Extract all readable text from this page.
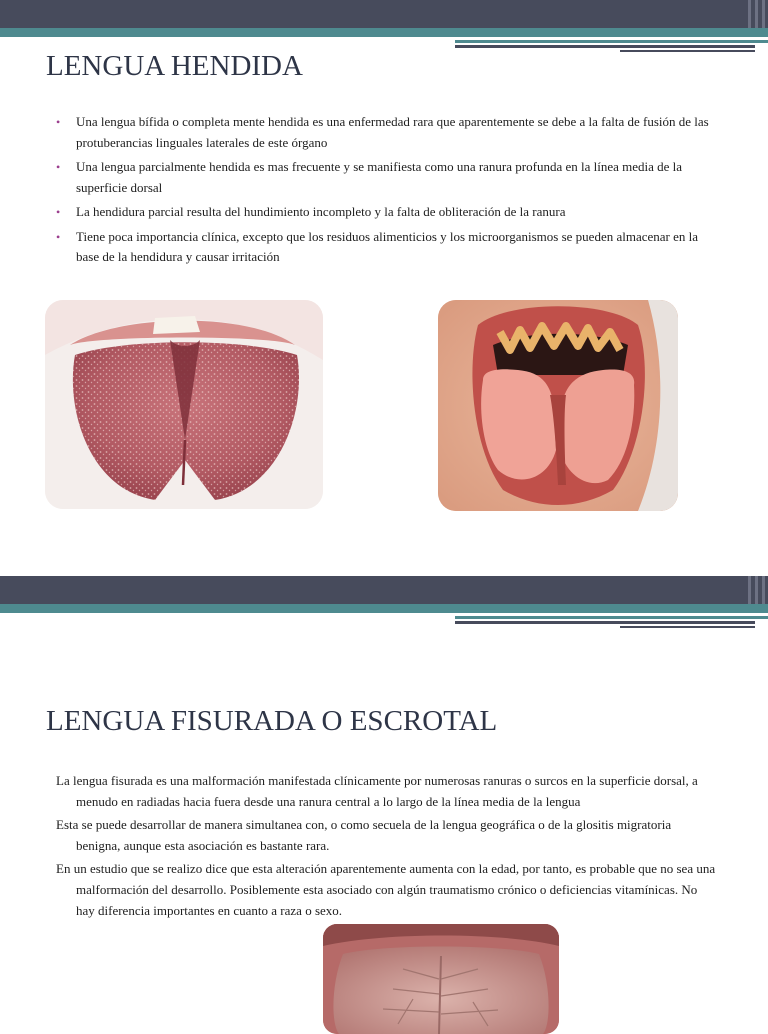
LENGUA HENDIDA
• Una lengua bífida o completa mente hendida es una enfermedad rara que aparentemente se debe a la falta de fusión de las protuberancias linguales laterales de este órgano
• Una lengua parcialmente hendida es mas frecuente y se manifiesta como una ranura profunda en la línea media de la superficie dorsal
• La hendidura parcial resulta del hundimiento incompleto y la falta de obliteración de la ranura
• Tiene poca importancia clínica, excepto que los residuos alimenticios y los microorganismos se pueden almacenar en la base de la hendidura y causar irritación
LENGUA FISURADA O ESCROTAL

La lengua fisurada es una malformación manifestada clínicamente por numerosas ranuras o surcos en la superficie dorsal, a menudo en radiadas hacia fuera desde una ranura central a lo largo de la línea media de la lengua

Esta se puede desarrollar de manera simultanea con, o como secuela de la lengua geográfica o de la glositis migratoria benigna, aunque esta asociación es bastante rara.

En un estudio que se realizo dice que esta alteración aparentemente aumenta con la edad, por tanto, es probable que no sea una malformación del desarrollo. Posiblemente esta asociado con algún traumatismo crónico o deficiencias vitamínicas. No hay diferencia importantes en cuanto a raza o sexo.
